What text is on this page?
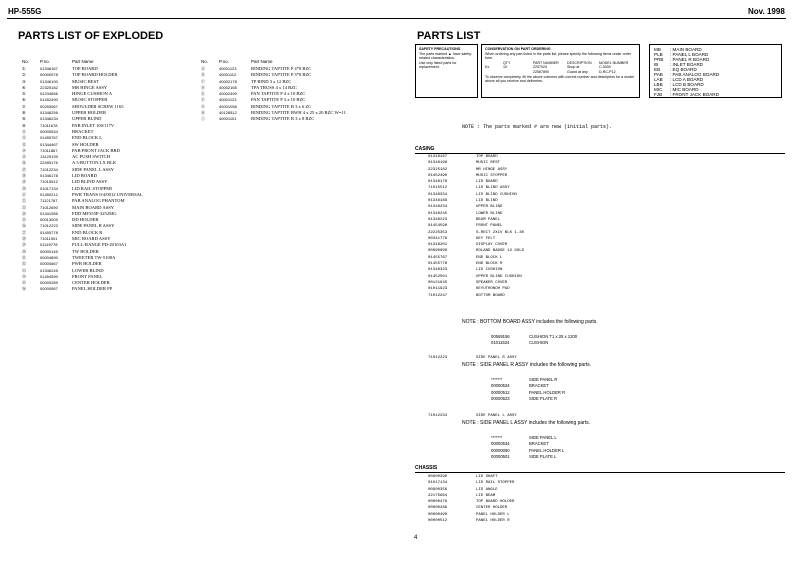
HP-555G	Nov. 1998
PARTS LIST OF EXPLODED
No. P.no.	Part Name	No. P.no.	Part Name
①	01346167	TOP BOARD
②	00000078	TOP BOARD HOLDER
③	01346190	MUSIC REST
④	22325182	MR HINGE ASSY
⑤	01234656	HINGE CUSHION A
⑥	01452490	MUSIC STOPPER
⑦	00253067	SHOULDER SCREW 1165
⑧	01346256	UPPER HOLDER
⑨	01346234	UPPER BLIND
⑩	71011678	PAB INLET 100/117V
⑪	00000534	BRACKET
⑫	01455767	END BLOCK L
⑬	01344467	SW HOLDER
⑭	71011867	PAB FRONT JACK BRD
⑮	13129139	AC PUSH SWITCH
⑯	22495176	A 5-BUTTON LX BLK
⑰	71012234	SIDE PANEL L ASSY
⑱	01346178	LID BOARD
⑲	71015512	LID BLIND ASSY
⑳	01017134	LID RAIL STOPPER
㉑	01450212	PWR TRANS 0/4/0012 UNIVERSAL
㉒	71121767	PAB ANALOG PHANTOM
㉓	71012690	MAIN BOARD ASSY
㉔	01341956	FDD MF355F-3252MG
㉕	00013009	DD HOLDER
㉖	71012223	SIDE PANEL R ASSY
㉗	01455778	END BLOCK R
㉘	71011901	MIC BOARD ASSY
㉙	01149778	FULL-RANGE PD-20103A1
㉚	00000145	TW HOLDER
㉛	00004890	TWEETER TW-5108A
㉜	00000667	PWB HOLDER
㉝	01346245	LOWER BLIND
㉞	01454590	FRONT PANEL
㉟	00000289	CENTER HOLDER
㊱	00000567	PANEL HOLDER FP
Ⓐ	40001123	BINDING TAPTITE P 4*8 BZC
Ⓑ	40001112	BINDING TAPTITE P 3*8 BZC
Ⓒ	40002178	TP BIND 3 x 12 BZC
Ⓓ	40002165	TPA TRUSS 4 x 14 BZC
Ⓔ	40002490	PAN TAPTITE P 4 x 10 BZC
Ⓕ	40001123	PAN TAPTITE P 3 x 10 BZC
Ⓖ	40001056	BINDING TAPTITE B 3 x 6 ZC
Ⓗ	40128512	BINDING TAPTITE BWH 4 x 25 x 20 BZC W=11
Ⓘ	40001101	BINDING TAPTITE B 3 x 8 BZC
PARTS LIST
SAFETY PRECAUTIONS
The parts marked ▲ have safety-
related characteristics.
Use only listed parts for
replacement.
CONSERVATION ON PART ORDERING
When ordering any part listed in the parts list, please specify the following items under order form.
QTY	PART NUMBER	DESCRIPTION	MODEL NUMBER
Ex.	10	2257024	Shop at	C-3000
22567890	Guard at any	D-RC-P12
To observe completely, fill the above columns with correct number and description for a model above all you receive and deliveries.
MB	: MAIN BOARD
PLB	: PANEL L BOARD
PRB	: PANEL R BOARD
IB	: INLET BOARD
EB	: EQ BOARD
PAB	: PAB ANALOG BOARD
LAB	: LCD A BOARD
LBB	: LCD B BOARD
MIC	: MIC BOARD
FJB	: FRONT JACK BOARD
NOTE : The parts marked # are new (initial parts).
CASING
01346167	TOP BOARD
01346190	MUSIC REST
22325182	MR HINGE ASSY
01452490	MUSIC STOPPER
01346178	LID BOARD
71015512	LID BLIND ASSY
01346334	LID BLIND CUSHION
01346189	LID BLIND
01346234	UPPER BLIND
01346245	LOWER BLIND
01346223	BEAM PANEL
01454590	FRONT PANEL
22225353	S-RECT 2X1V BLK 1-30
00341778	KEY FELT
01346201	DISPLAY COVER
00090090	ROLAND BADGE 12 GOLD
01455767	END BLOCK L
01455778	END BLOCK R
01346323	LID CUSHION
01452501	UPPER BLIND CUSHION
00121945	SPEAKER COVER
01011923	KEYUTHONOH PAD
71012247	BOTTOM BOARD
NOTE : BOTTOM BOARD ASSY includes the following parts.
00569156	CUSHION T1 x 25 x 1200
01011534	CUSHION
71012223	SIDE PANEL R ASSY
NOTE : SIDE PANEL R ASSY includes the following parts.
*******	SIDE PANEL R
00000534	BRACKET
00000512	PANEL HOLDER R
00000523	SIDE PLATE R
71012234	SIDE PANEL L ASSY
NOTE : SIDE PANEL L ASSY includes the following parts.
*******	SIDE PANEL L
00000534	BRACKET
00000090	PANEL HOLDER L
00000501	SIDE PLATE L
CHASSIS
00900390	LID SHAFT
01017134	LID RAIL STOPPER
00900356	LID ANGLE
22175664	LID BEAM
00000478	TOP BOARD HOLDER
00000289	CENTER HOLDER
00000490	PANEL HOLDER L
00000512	PANEL HOLDER R
4
